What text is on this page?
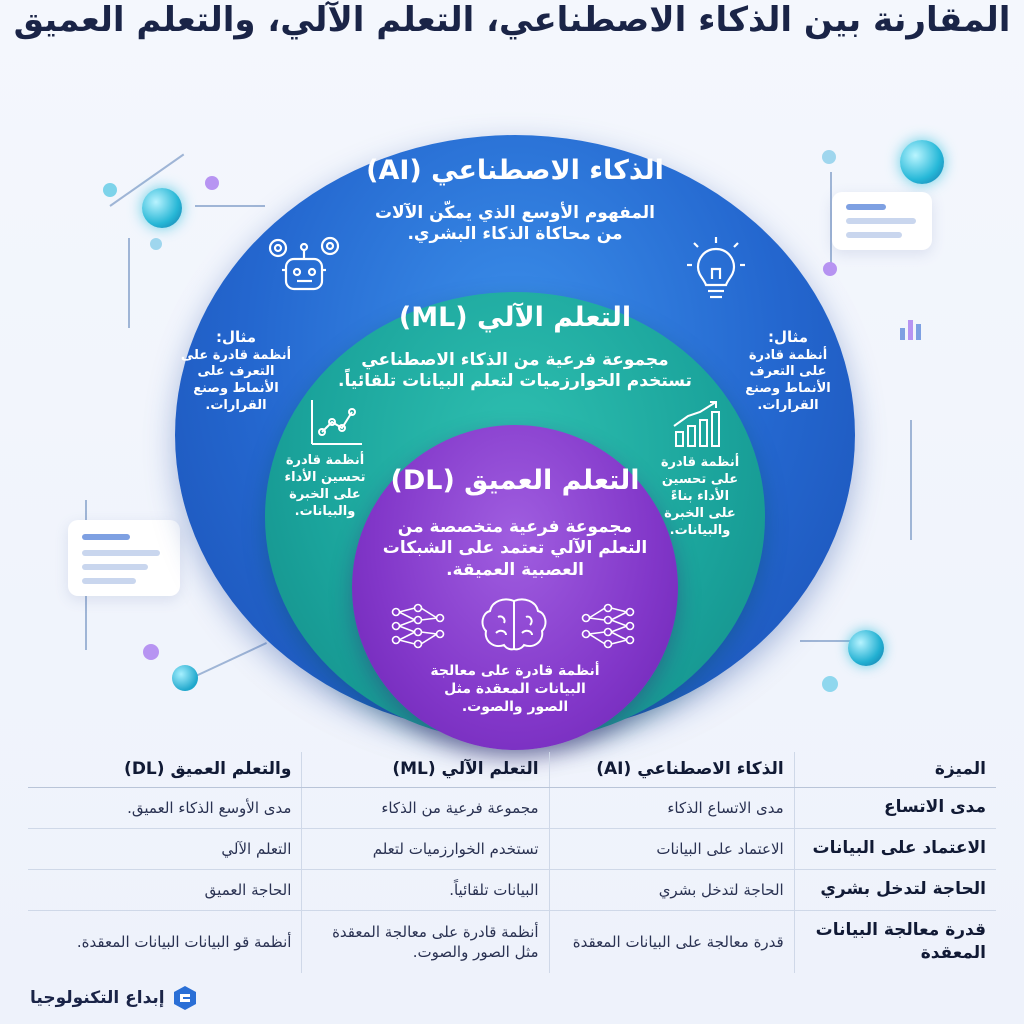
المقارنة بين الذكاء الاصطناعي، التعلم الآلي، والتعلم العميق
الذكاء الاصطناعي (AI)
المفهوم الأوسع الذي يمكّن الآلات
من محاكاة الذكاء البشري.
مثال:
أنظمة قادرة على
التعرف على
الأنماط وصنع
القرارات.
مثال:
أنظمة قادرة
على التعرف
الأنماط وصنع
القرارات.
التعلم الآلي (ML)
مجموعة فرعية من الذكاء الاصطناعي
تستخدم الخوارزميات لتعلم البيانات تلقائياً.
أنظمة قادرة
تحسين الأداء
على الخبرة
والبيانات.
أنظمة قادرة
على تحسين
الأداء بناءً
على الخبرة
والبيانات.
التعلم العميق (DL)
مجموعة فرعية متخصصة من
التعلم الآلي تعتمد على الشبكات
العصبية العميقة.
أنظمة قادرة على معالجة
البيانات المعقدة مثل
الصور والصوت.
الميزة
الذكاء الاصطناعي (AI)
التعلم الآلي (ML)
والتعلم العميق (DL)
مدى الاتساع
مدى الاتساع الذكاء
مجموعة فرعية من الذكاء
مدى الأوسع الذكاء العميق.
الاعتماد على البيانات
الاعتماد على البيانات
تستخدم الخوارزميات لتعلم
التعلم الآلي
الحاجة لتدخل بشري
الحاجة لتدخل بشري
البيانات تلقائياً.
الحاجة العميق
قدرة معالجة البيانات المعقدة
قدرة معالجة على البيانات المعقدة
أنظمة قادرة على معالجة المعقدة مثل الصور والصوت.
أنظمة قو البيانات البيانات المعقدة.
إبداع التكنولوجيا
